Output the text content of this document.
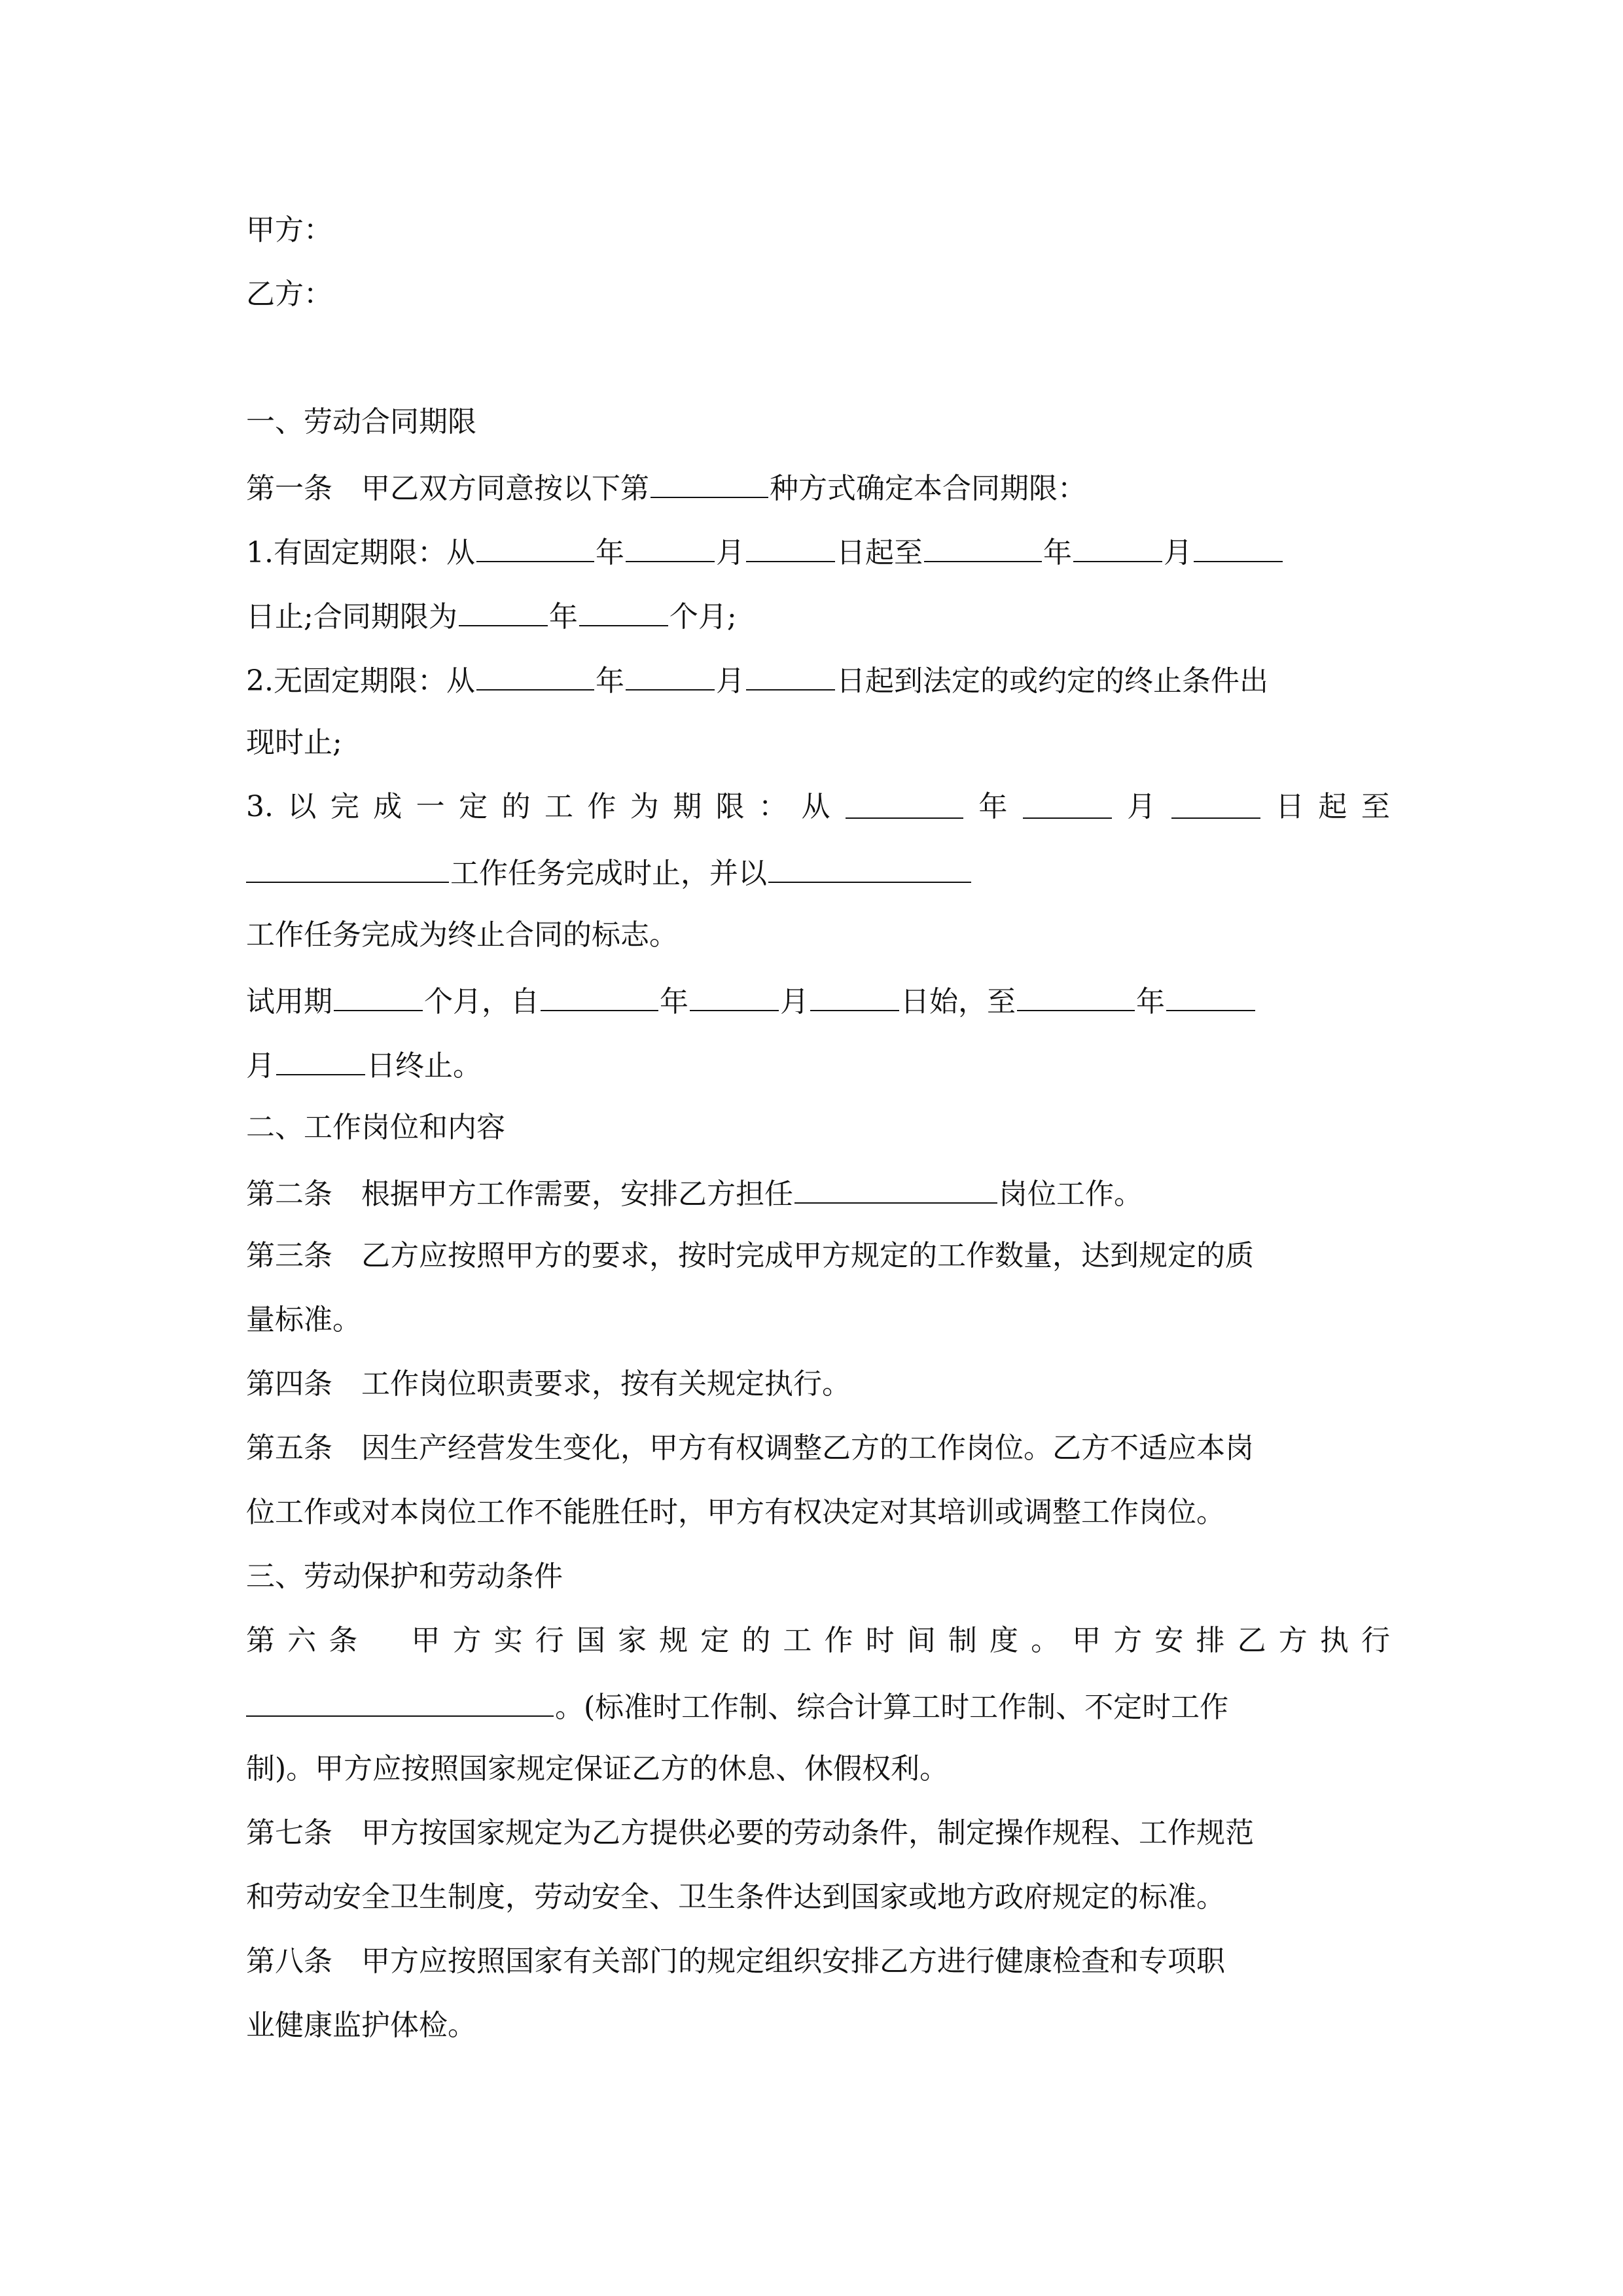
甲方：
乙方：
一、劳动合同期限
第一条 甲乙双方同意按以下第	种方式确定本合同期限：
1.有固定期限：从	年	月	日起至	年	月
日止;合同期限为	年	个月;
2.无固定期限：从	年	月	日起到法定的或约定的终止条件出
现时止;
3. 以 完 成 一 定 的 工 作 为 期 限 ： 从	年	月	日 起 至
工作任务完成时止，并以
工作任务完成为终止合同的标志。
试用期	个月，自	年	月	日始，至	年
月	日终止。
二、工作岗位和内容
第二条 根据甲方工作需要，安排乙方担任	岗位工作。
第三条 乙方应按照甲方的要求，按时完成甲方规定的工作数量，达到规定的质
量标准。
第四条 工作岗位职责要求，按有关规定执行。
第五条 因生产经营发生变化，甲方有权调整乙方的工作岗位。乙方不适应本岗
位工作或对本岗位工作不能胜任时，甲方有权决定对其培训或调整工作岗位。
三、劳动保护和劳动条件
第 六 条 甲 方 实 行 国 家 规 定 的 工 作 时 间 制 度 。 甲 方 安 排 乙 方 执 行
。(标准时工作制、综合计算工时工作制、不定时工作
制)。甲方应按照国家规定保证乙方的休息、休假权利。
第七条 甲方按国家规定为乙方提供必要的劳动条件，制定操作规程、工作规范
和劳动安全卫生制度，劳动安全、卫生条件达到国家或地方政府规定的标准。
第八条 甲方应按照国家有关部门的规定组织安排乙方进行健康检查和专项职
业健康监护体检。
